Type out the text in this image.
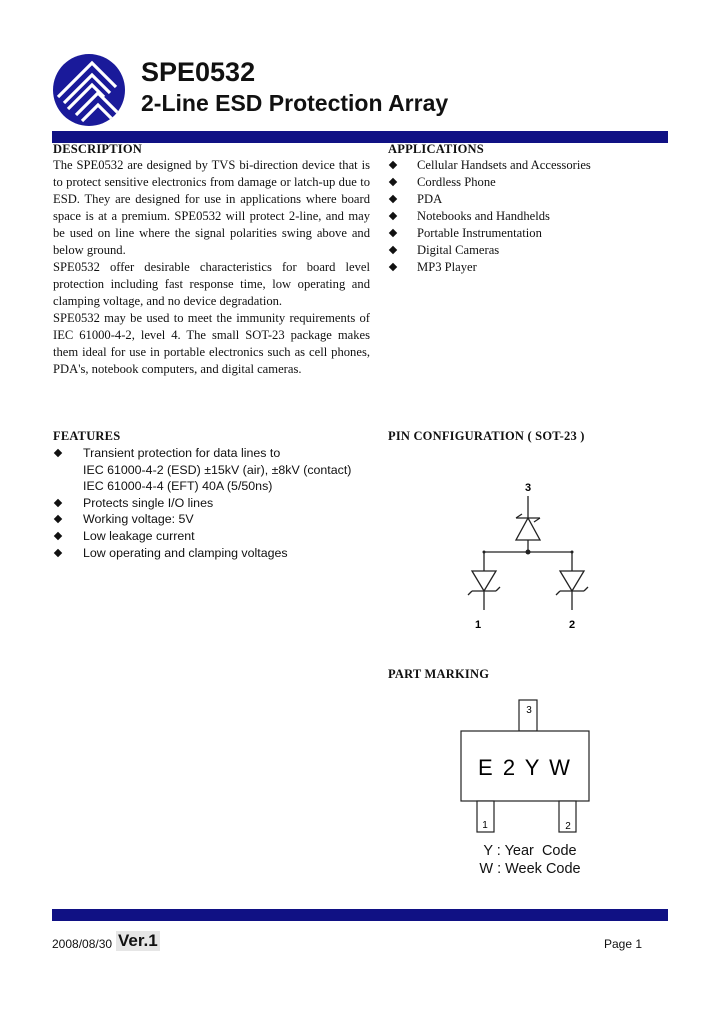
SPE0532
2-Line ESD Protection Array
DESCRIPTION

The SPE0532 are designed by TVS bi-direction device that is to protect sensitive electronics from damage or latch-up due to ESD. They are designed for use in applications where board space is at a premium. SPE0532 will protect 2-line, and may be used on line where the signal polarities swing above and below ground.

SPE0532 offer desirable characteristics for board level protection including fast response time, low operating and clamping voltage, and no device degradation.

SPE0532 may be used to meet the immunity requirements of IEC 61000-4-2, level 4. The small SOT-23 package makes them ideal for use in portable electronics such as cell phones, PDA's, notebook computers, and digital cameras.

APPLICATIONS
Cellular Handsets and Accessories
Cordless Phone
PDA
Notebooks and Handhelds
Portable Instrumentation
Digital Cameras
MP3 Player
FEATURES
Transient protection for data lines to
IEC 61000-4-2 (ESD) ±15kV (air), ±8kV (contact)
IEC 61000-4-4 (EFT) 40A (5/50ns)
Protects single I/O lines
Working voltage: 5V
Low leakage current
Low operating and clamping voltages
PIN CONFIGURATION ( SOT-23 )
3
1	2
PART MARKING
3
E 2 Y W
1	2
Y : Year  Code
W : Week Code
2008/08/30 Ver.1	Page 1
